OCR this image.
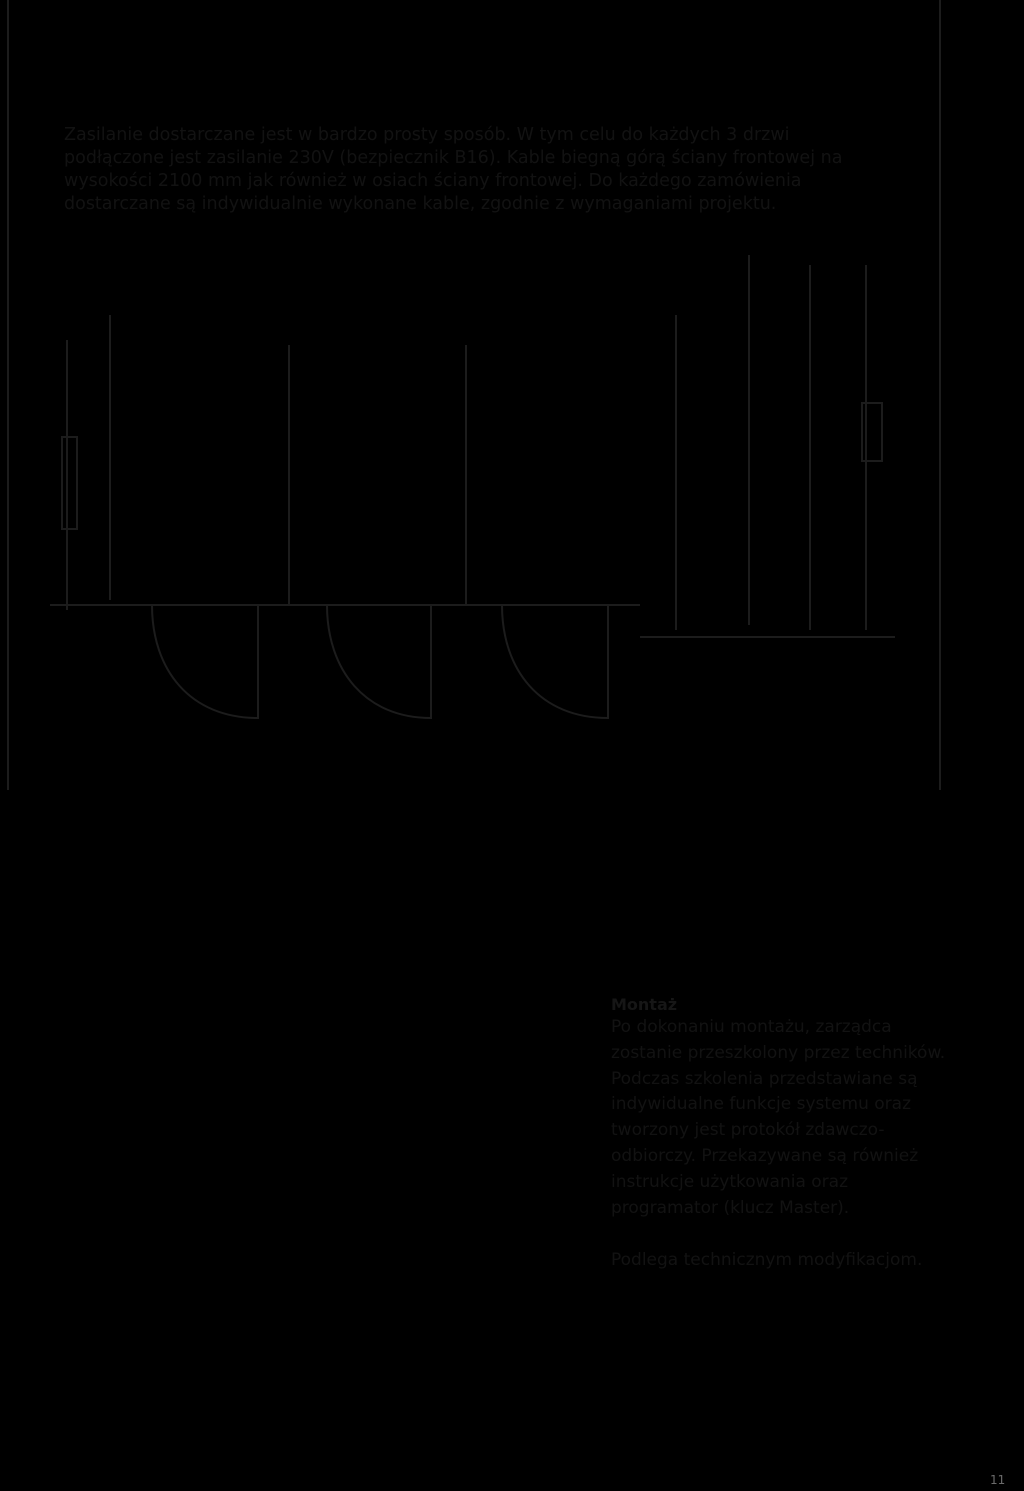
Zasilanie dostarczane jest w bardzo prosty sposób. W tym celu do każdych 3 drzwi podłączone jest zasilanie 230V (bezpiecznik B16). Kable biegną górą ściany frontowej na wysokości 2100 mm jak również w osiach ściany frontowej. Do każdego zamówienia dostarczane są indywidualnie wykonane kable, zgodnie z wymaganiami projektu.

Montaż

Po dokonaniu montażu, zarządca zostanie przeszkolony przez techników. Podczas szkolenia przedstawiane są indywidualne funkcje systemu oraz tworzony jest protokół zdawczo-odbiorczy. Przekazywane są również instrukcje użytkowania oraz programator (klucz Master).

Podlega technicznym modyfikacjom.

11
